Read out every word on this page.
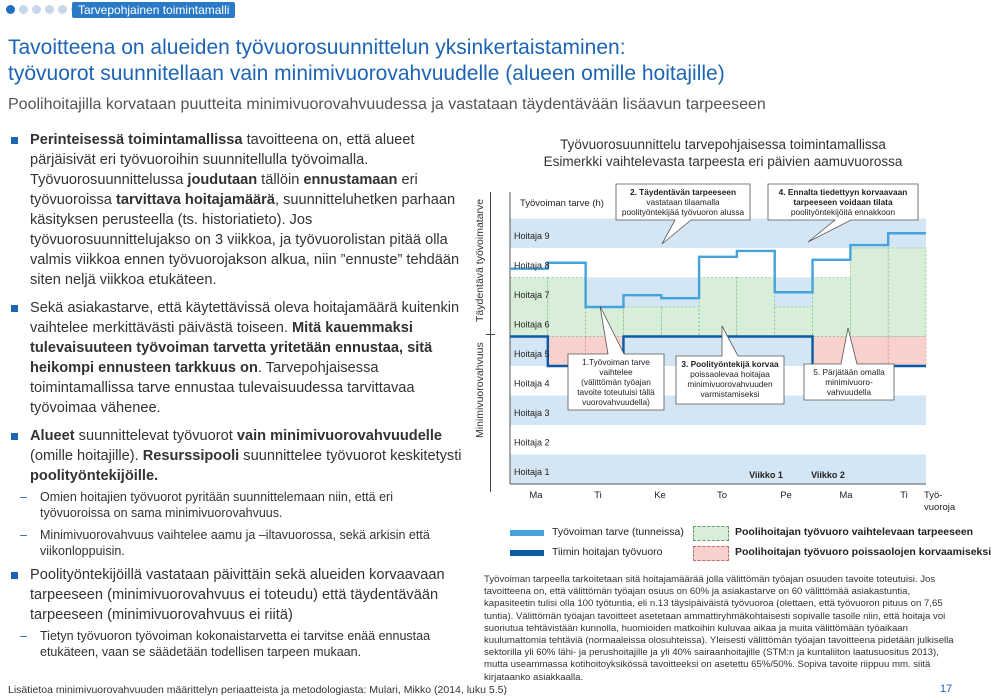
Tarvepohjainen toimintamalli
Tavoitteena on alueiden työvuorosuunnittelun yksinkertaistaminen:
työvuorot suunnitellaan vain minimivuorovahvuudelle (alueen omille hoitajille)
Poolihoitajilla korvataan puutteita minimivuorovahvuudessa ja vastataan täydentävään lisäavun tarpeeseen
Perinteisessä toimintamallissa tavoitteena on, että alueet pärjäisivät eri työvuoroihin suunnitellulla työvoimalla. Työvuorosuunnittelussa joudutaan tällöin ennustamaan eri työvuoroissa tarvittava hoitajamäärä, suunnitteluhetken parhaan käsityksen perusteella (ts. historiatieto). Jos työvuorosuunnittelujakso on 3 viikkoa, ja työvuorolistan pitää olla valmis viikkoa ennen työvuorojakson alkua, niin ”ennuste” tehdään siten neljä viikkoa etukäteen.
Sekä asiakastarve, että käytettävissä oleva hoitajamäärä kuitenkin vaihtelee merkittävästi päivästä toiseen. Mitä kauemmaksi tulevaisuuteen työvoiman tarvetta yritetään ennustaa, sitä heikompi ennusteen tarkkuus on. Tarvepohjaisessa toimintamallissa tarve ennustaa tulevaisuudessa tarvittavaa työvoimaa vähenee.
Alueet suunnittelevat työvuorot vain minimivuorovahvuudelle (omille hoitajille). Resurssipooli suunnittelee työvuorot keskitetysti poolityöntekijöille.
– Omien hoitajien työvuorot pyritään suunnittelemaan niin, että eri työvuoroissa on sama minimivuorovahvuus.
– Minimivuorovahvuus vaihtelee aamu ja –iltavuorossa, sekä arkisin että viikonloppuisin.
Poolityöntekijöillä vastataan päivittäin sekä alueiden korvaavaan tarpeeseen (minimivuorovahvuus ei toteudu) että täydentävään tarpeeseen (minimivuorovahvuus ei riitä)
– Tietyn työvuoron työvoiman kokonaistarvetta ei tarvitse enää ennustaa etukäteen, vaan se säädetään todellisen tarpeen mukaan.
Työvuorosuunnittelu tarvepohjaisessa toimintamallissa
Esimerkki vaihtelevasta tarpeesta eri päivien aamuvuorossa
Täydentävä työvoimatarve
Minimivuorovahvuus
Työvoiman tarve (h)
Hoitaja 1
Hoitaja 2
Hoitaja 3
Hoitaja 4
Hoitaja 5
Hoitaja 6
Hoitaja 7
Hoitaja 8
Hoitaja 9
Ma	Ti	Ke	To	Pe	Ma	Ti Työ-
vuoroja
Viikko 1	Viikko 2
2. Täydentävän tarpeeseen
vastataan tilaamalla
poolityöntekijää työvuoron alussa
4. Ennalta tiedettyyn korvaavaan
tarpeeseen voidaan tilata
poolityöntekijöitä ennakkoon
1.Työvoiman tarve
vaihtelee
(välittömän työajan
tavoite toteutuisi tällä
vuorovahvuudella)
3. Poolityöntekijä korvaa
poissaolevaa hoitajaa
minimivuorovahvuuden
varmistamiseksi
5. Pärjätään omalla
minimivuoro-
vahvuudella
Työvoiman tarve (tunneissa)
Tiimin hoitajan työvuoro
Poolihoitajan työvuoro vaihtelevaan tarpeeseen
Poolihoitajan työvuoro poissaolojen korvaamiseksi
Työvoiman tarpeella tarkoitetaan sitä hoitajamäärää jolla välittömän työajan osuuden tavoite toteutuisi. Jos tavoitteena on, että välittömän työajan osuus on 60% ja asiakastarve on 60 välittömää asiakastuntia, kapasiteetin tulisi olla 100 työtuntia, eli n.13 täysipäiväistä työvuoroa (olettaen, että työvuoron pituus on 7,65 tuntia). Välittömän työajan tavoitteet asetetaan ammattiryhmäkohtaisesti sopivalle tasolle niin, että hoitaja voi suoriutua tehtävistään kunnolla, huomioiden matkoihin kuluvaa aikaa ja muita välittömään työaikaan kuulumattomia tehtäviä (normaaleissa olosuhteissa). Yleisesti välittömän työajan tavoitteena pidetään julkisella sektorilla yli 60% lähi- ja perushoitajille ja yli 40% sairaanhoitajille (STM:n ja kuntaliiton laatusuositus 2013), mutta useammassa kotihoitoyksikössä tavoitteeksi on asetettu 65%/50%. Sopiva tavoite riippuu mm. siitä kirjataanko asiakkaalla.
Lisätietoa minimivuorovahvuuden määrittelyn periaatteista ja metodologiasta: Mulari, Mikko (2014, luku 5.5)	17
